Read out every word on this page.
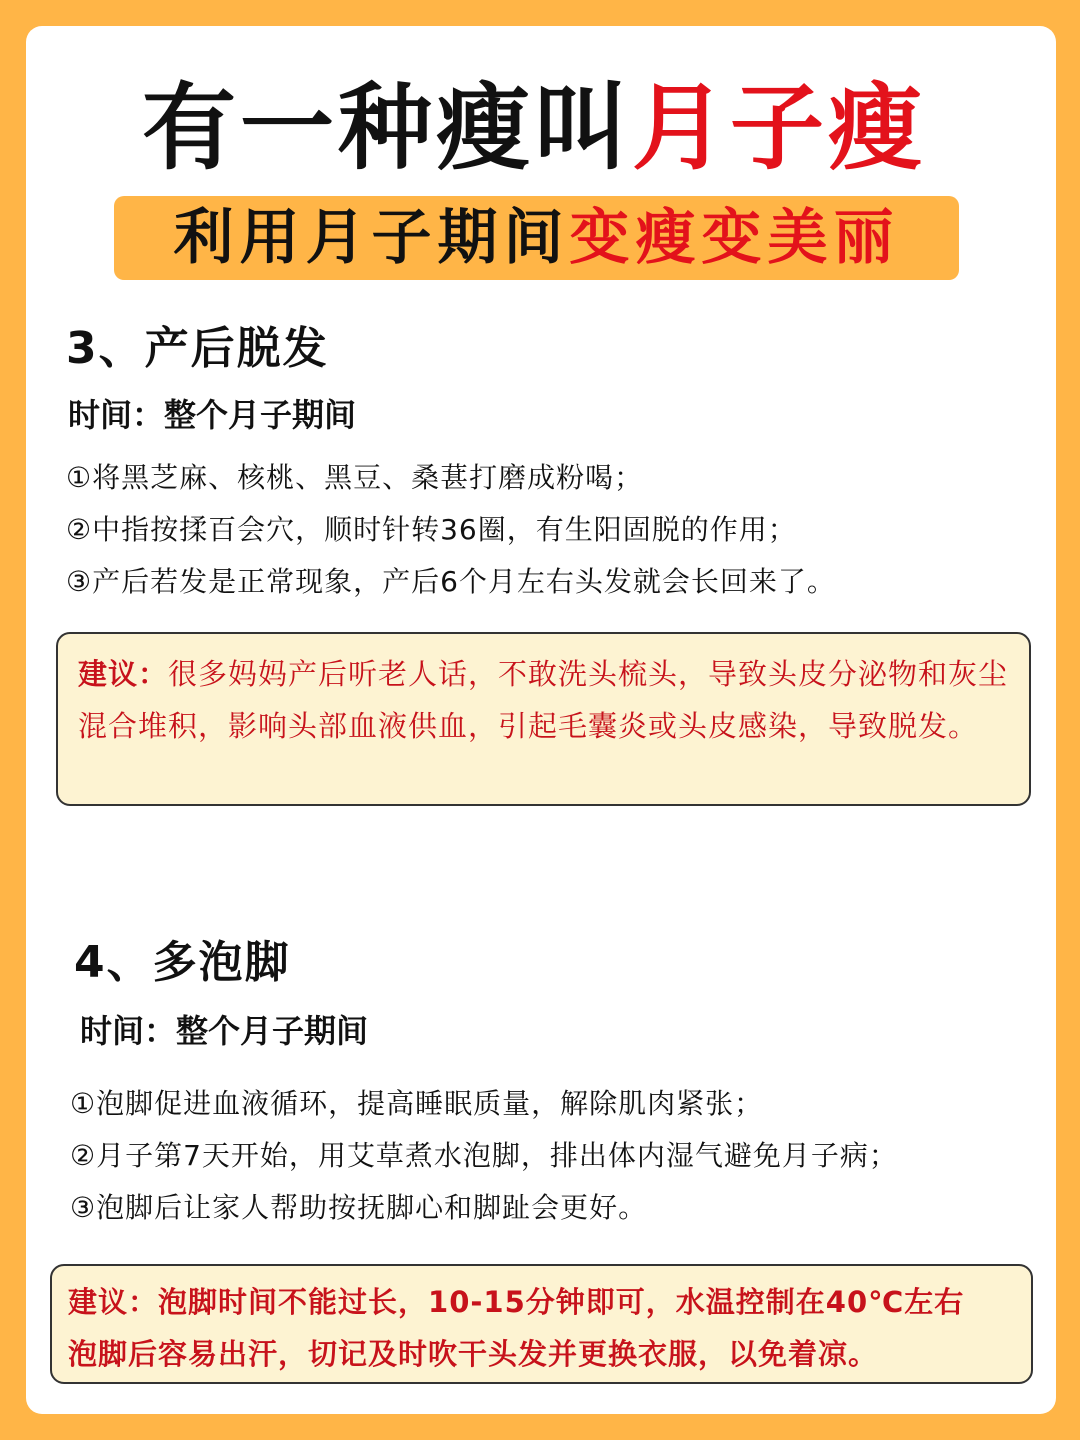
有一种瘦叫月子瘦
利用月子期间变瘦变美丽
3、产后脱发
时间：整个月子期间
①将黑芝麻、核桃、黑豆、桑葚打磨成粉喝；
②中指按揉百会穴，顺时针转36圈，有生阳固脱的作用；
③产后若发是正常现象，产后6个月左右头发就会长回来了。
建议：很多妈妈产后听老人话，不敢洗头梳头，导致头皮分泌物和灰尘混合堆积，影响头部血液供血，引起毛囊炎或头皮感染，导致脱发。
4、多泡脚
时间：整个月子期间
①泡脚促进血液循环，提高睡眠质量，解除肌肉紧张；
②月子第7天开始，用艾草煮水泡脚，排出体内湿气避免月子病；
③泡脚后让家人帮助按抚脚心和脚趾会更好。
建议：泡脚时间不能过长，10-15分钟即可，水温控制在40℃左右
泡脚后容易出汗，切记及时吹干头发并更换衣服，以免着凉。
